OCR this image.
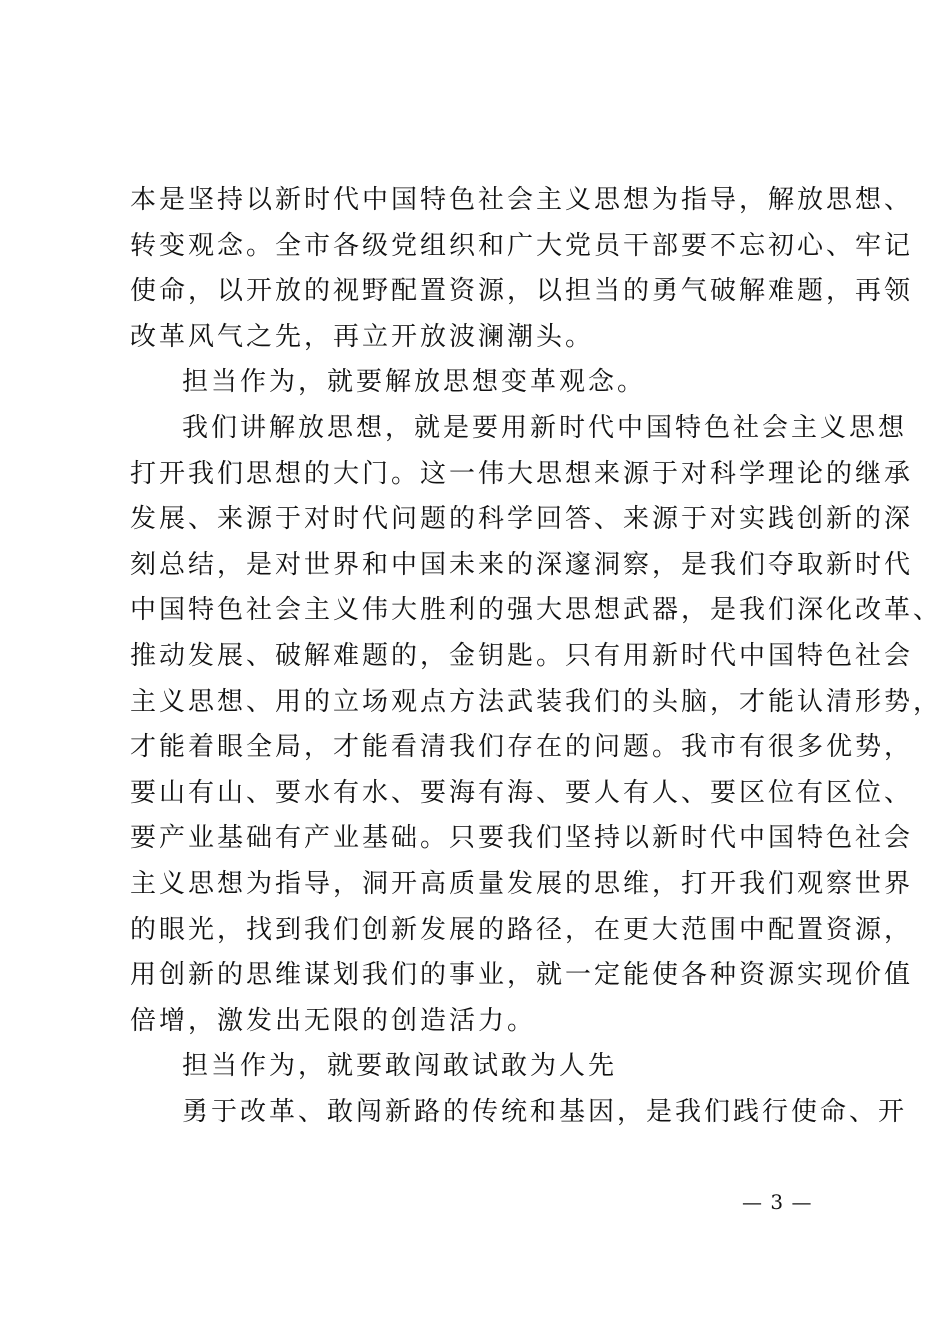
本是坚持以新时代中国特色社会主义思想为指导，解放思想、
转变观念。全市各级党组织和广大党员干部要不忘初心、牢记
使命，以开放的视野配置资源，以担当的勇气破解难题，再领
改革风气之先，再立开放波澜潮头。
担当作为，就要解放思想变革观念。
我们讲解放思想，就是要用新时代中国特色社会主义思想
打开我们思想的大门。这一伟大思想来源于对科学理论的继承
发展、来源于对时代问题的科学回答、来源于对实践创新的深
刻总结，是对世界和中国未来的深邃洞察，是我们夺取新时代
中国特色社会主义伟大胜利的强大思想武器，是我们深化改革、
推动发展、破解难题的，金钥匙。只有用新时代中国特色社会
主义思想、用的立场观点方法武装我们的头脑，才能认清形势，
才能着眼全局，才能看清我们存在的问题。我市有很多优势，
要山有山、要水有水、要海有海、要人有人、要区位有区位、
要产业基础有产业基础。只要我们坚持以新时代中国特色社会
主义思想为指导，洞开高质量发展的思维，打开我们观察世界
的眼光，找到我们创新发展的路径，在更大范围中配置资源，
用创新的思维谋划我们的事业，就一定能使各种资源实现价值
倍增，激发出无限的创造活力。
担当作为，就要敢闯敢试敢为人先
勇于改革、敢闯新路的传统和基因，是我们践行使命、开
— 3 —
